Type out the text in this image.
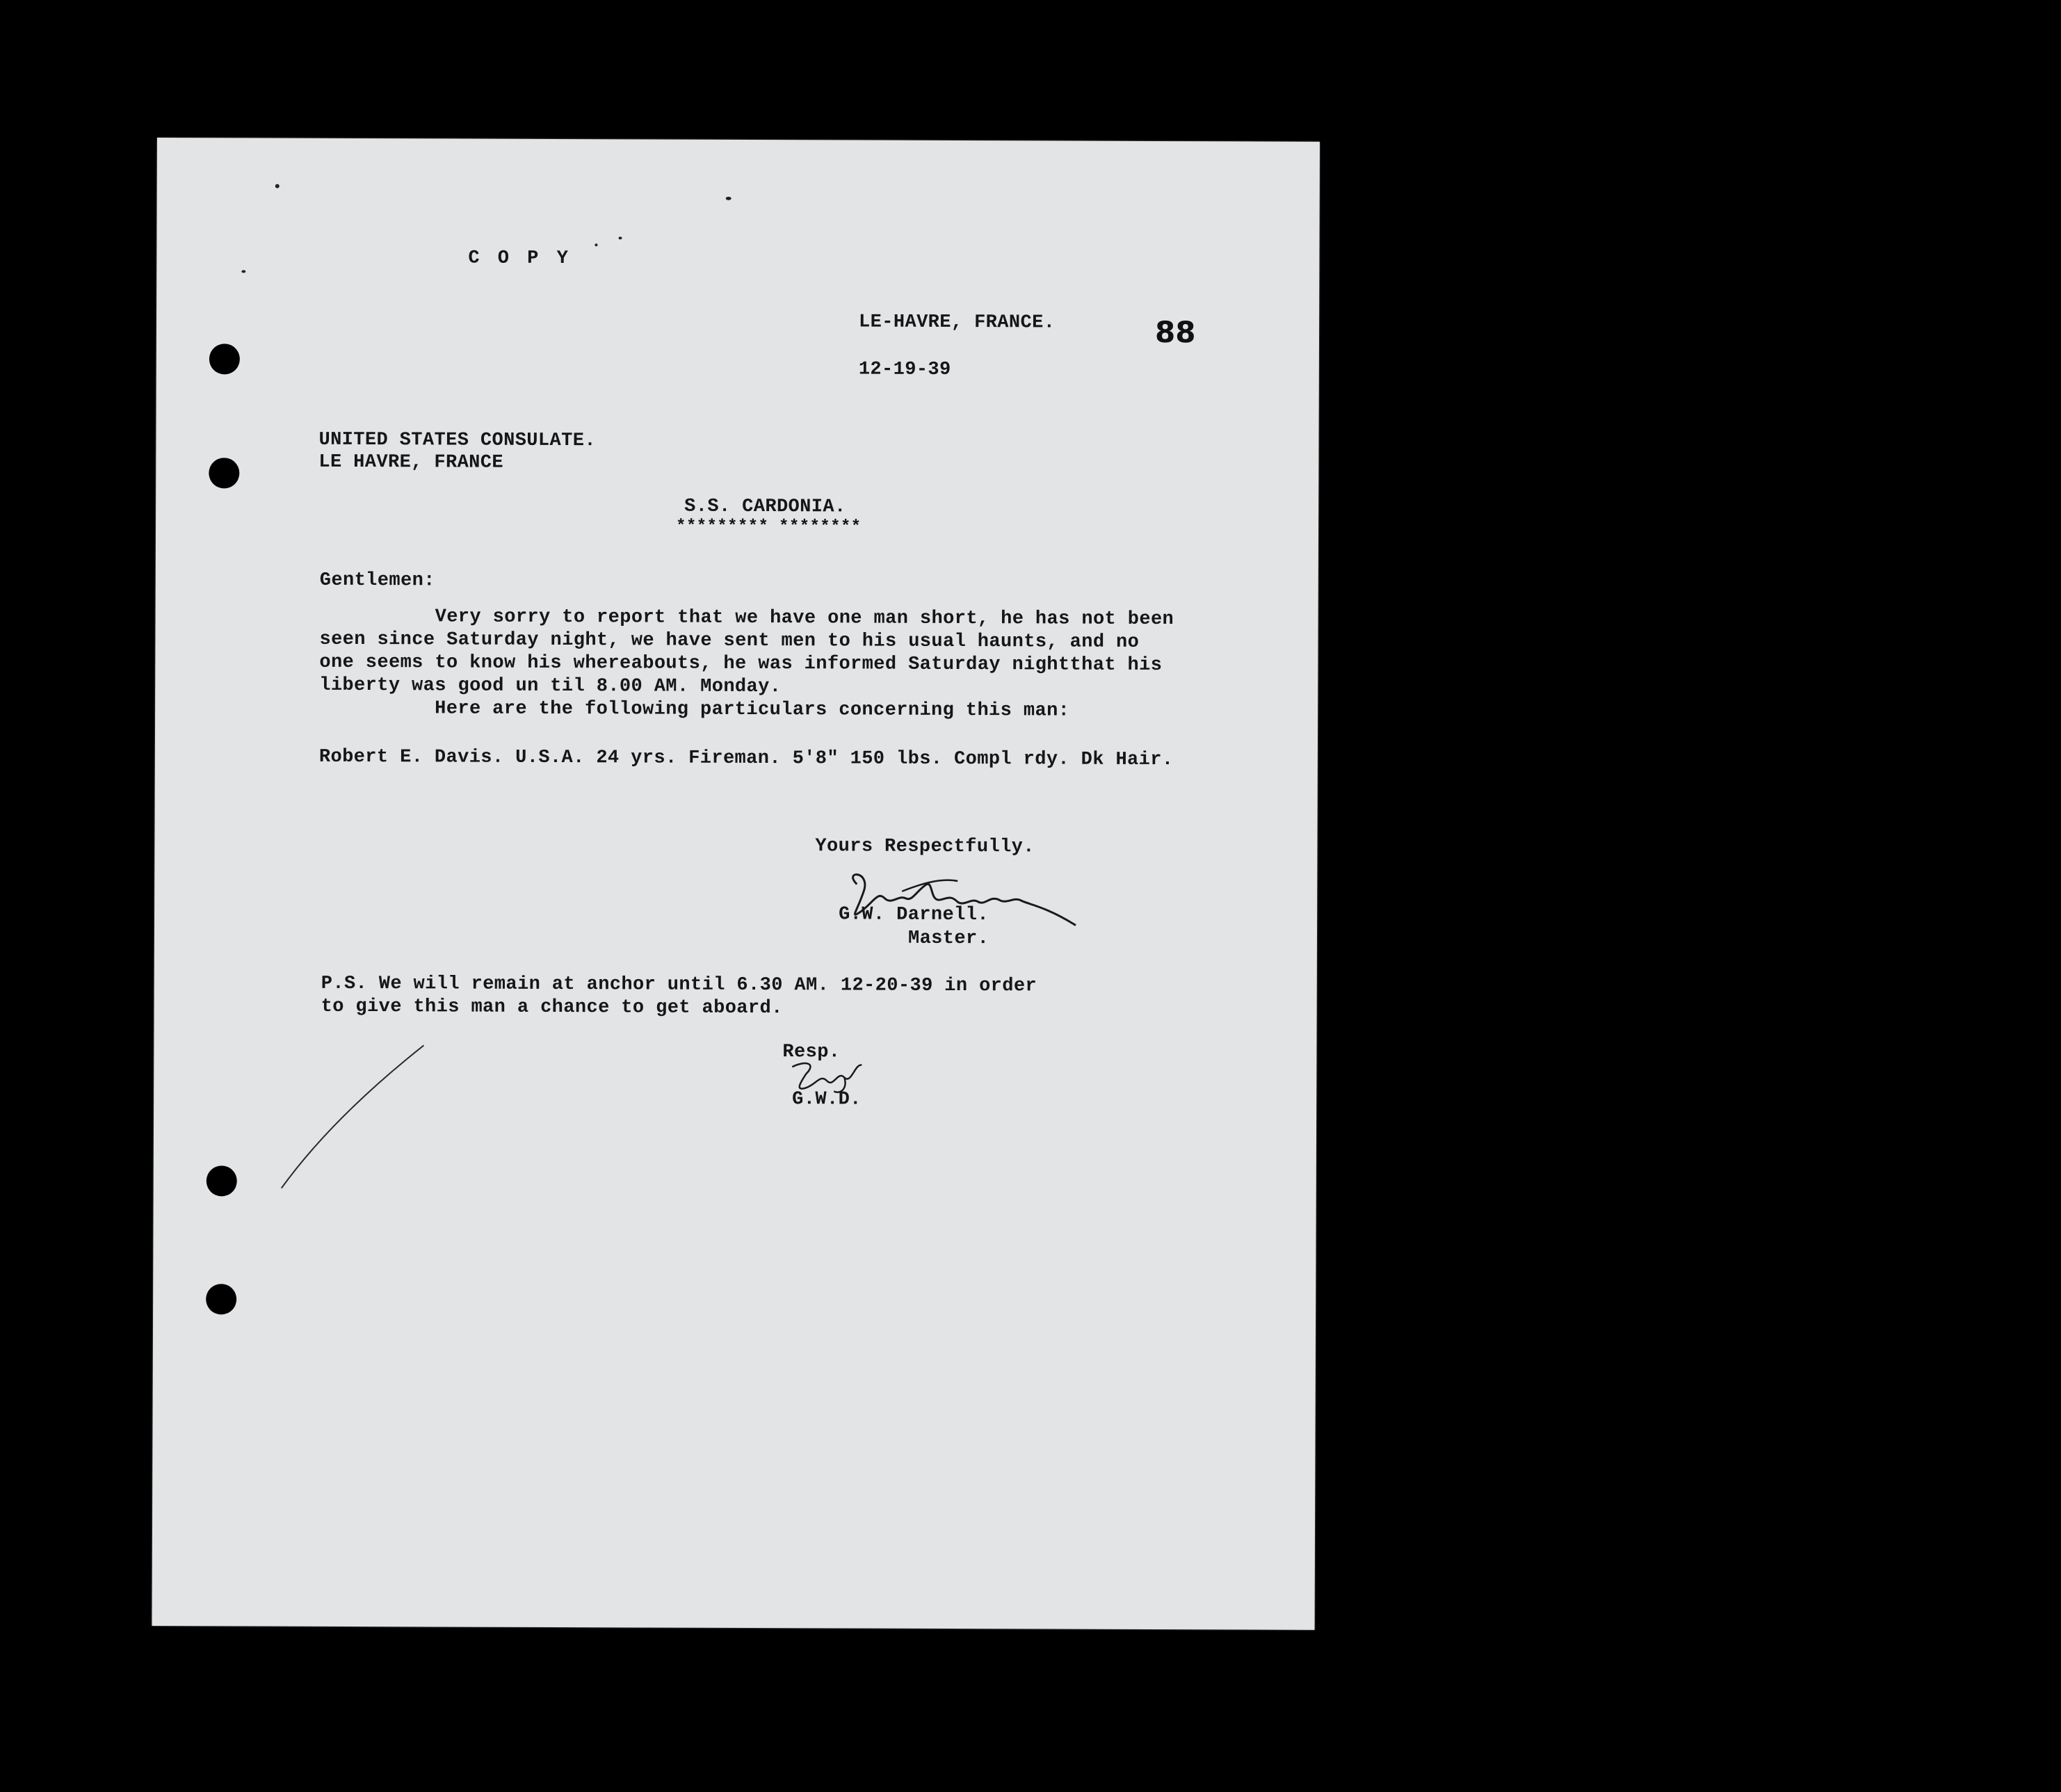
88
C O P Y
LE-HAVRE, FRANCE.
12-19-39
UNITED STATES CONSULATE.
LE HAVRE, FRANCE
S.S. CARDONIA.
********* ********
Gentlemen:
Very sorry to report that we have one man short, he has not been
seen since Saturday night, we have sent men to his usual haunts, and no
one seems to know his whereabouts, he was informed Saturday nightthat his
liberty was good un til 8.00 AM. Monday.
Here are the following particulars concerning this man:
Robert E. Davis. U.S.A. 24 yrs. Fireman. 5'8" 150 lbs. Compl rdy. Dk Hair.
Yours Respectfully.
G.W. Darnell.
Master.
P.S. We will remain at anchor until 6.30 AM. 12-20-39 in order
to give this man a chance to get aboard.
Resp.
G.W.D.
